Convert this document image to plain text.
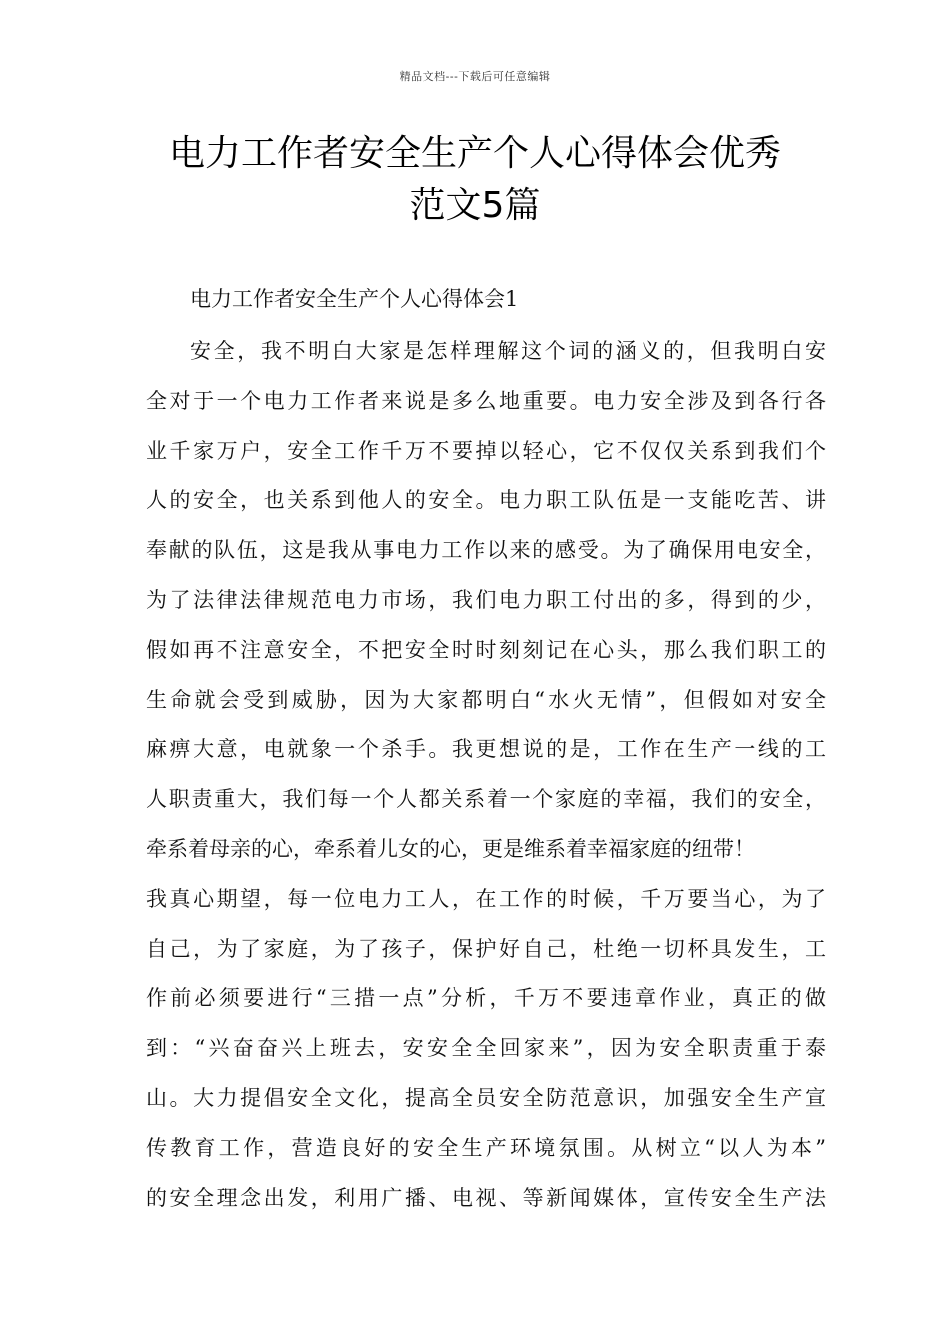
精品文档---下载后可任意编辑
电力工作者安全生产个人心得体会优秀
范文5篇
电力工作者安全生产个人心得体会1
安全，我不明白大家是怎样理解这个词的涵义的，但我明白安
全对于一个电力工作者来说是多么地重要。电力安全涉及到各行各
业千家万户，安全工作千万不要掉以轻心，它不仅仅关系到我们个
人的安全，也关系到他人的安全。电力职工队伍是一支能吃苦、讲
奉献的队伍，这是我从事电力工作以来的感受。为了确保用电安全，
为了法律法律规范电力市场，我们电力职工付出的多，得到的少，
假如再不注意安全，不把安全时时刻刻记在心头，那么我们职工的
生命就会受到威胁，因为大家都明白“水火无情”，但假如对安全
麻痹大意，电就象一个杀手。我更想说的是，工作在生产一线的工
人职责重大，我们每一个人都关系着一个家庭的幸福，我们的安全，
牵系着母亲的心，牵系着儿女的心，更是维系着幸福家庭的纽带！
我真心期望，每一位电力工人，在工作的时候，千万要当心，为了
自己，为了家庭，为了孩子，保护好自己，杜绝一切杯具发生，工
作前必须要进行“三措一点”分析，千万不要违章作业，真正的做
到：“兴奋奋兴上班去，安安全全回家来”，因为安全职责重于泰
山。大力提倡安全文化，提高全员安全防范意识，加强安全生产宣
传教育工作，营造良好的安全生产环境氛围。从树立“以人为本”
的安全理念出发，利用广播、电视、等新闻媒体，宣传安全生产法
